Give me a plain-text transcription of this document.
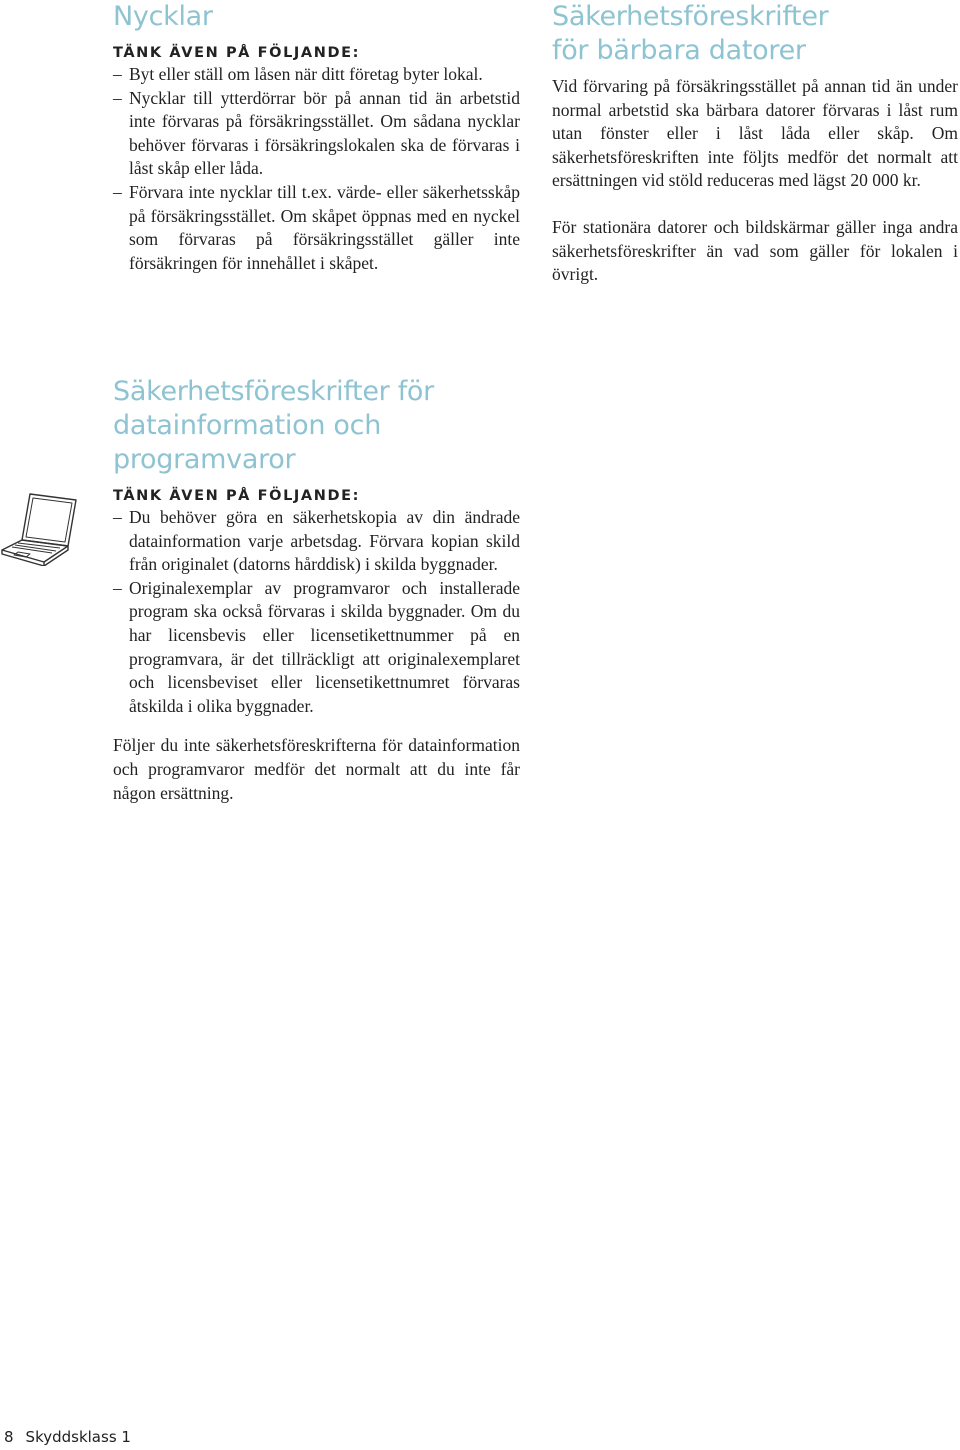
Nycklar
TÄNK ÄVEN PÅ FÖLJANDE:
– Byt eller ställ om låsen när ditt företag byter lokal.
– Nycklar till ytterdörrar bör på annan tid än arbetstid inte förvaras på försäkringsstället. Om sådana nycklar behöver förvaras i försäkringslokalen ska de förvaras i låst skåp eller låda.
– Förvara inte nycklar till t.ex. värde- eller säkerhetsskåp på försäkringsstället. Om skåpet öppnas med en nyckel som förvaras på försäkringsstället gäller inte försäkringen för innehållet i skåpet.
Säkerhetsföreskrifter för bärbara datorer

Vid förvaring på försäkringsstället på annan tid än under normal arbetstid ska bärbara datorer förvaras i låst rum utan fönster eller i låst låda eller skåp. Om säkerhetsföreskriften inte följts medför det normalt att ersättningen vid stöld reduceras med lägst 20 000 kr.

För stationära datorer och bildskärmar gäller inga andra säkerhetsföreskrifter än vad som gäller för lokalen i övrigt.

Säkerhetsföreskrifter för datainformation och programvaror
TÄNK ÄVEN PÅ FÖLJANDE:
– Du behöver göra en säkerhetskopia av din ändrade datainformation varje arbetsdag. Förvara kopian skild från originalet (datorns hårddisk) i skilda byggnader.
– Originalexemplar av programvaror och installerade program ska också förvaras i skilda byggnader. Om du har licensbevis eller licensetikettnummer på en programvara, är det tillräckligt att originalexemplaret och licensbeviset eller licensetikettnumret förvaras åtskilda i olika byggnader.

Följer du inte säkerhetsföreskrifterna för datainformation och programvaror medför det normalt att du inte får någon ersättning.

8 Skyddsklass 1
